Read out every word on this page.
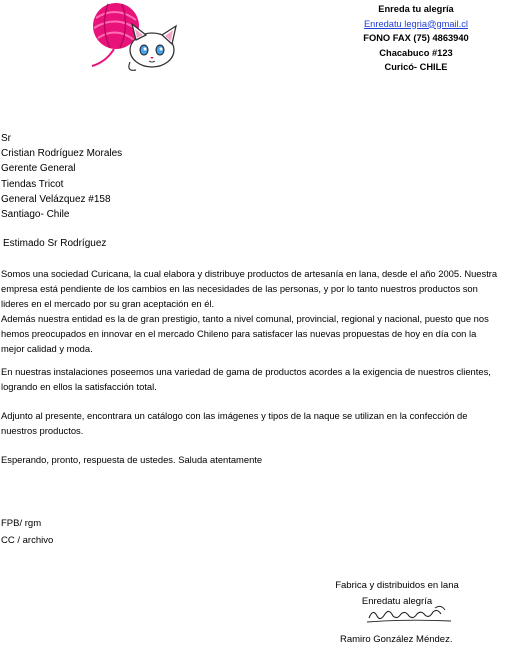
Enreda tu alegría
Enredatu legria@gmail.cl
FONO FAX (75) 4863940
Chacabuco #123
Curicó- CHILE
Sr
Cristian Rodríguez Morales
Gerente General
Tiendas Tricot
General Velázquez #158
Santiago- Chile
Estimado Sr Rodríguez

Somos una sociedad Curicana, la cual elabora y distribuye productos de artesanía en lana, desde el año 2005. Nuestra empresa está pendiente de los cambios en las necesidades de las personas, y por lo tanto nuestros productos son lideres en el mercado por su gran aceptación en él.

Además nuestra entidad es la de gran prestigio, tanto a nivel comunal, provincial, regional y nacional, puesto que nos hemos preocupados en innovar en el mercado Chileno para satisfacer las nuevas propuestas de hoy en día con la mejor calidad y moda.

En nuestras instalaciones poseemos una variedad de gama de productos acordes a la exigencia de nuestros clientes, logrando en ellos la satisfacción total.

Adjunto al presente, encontrara un catálogo con las imágenes y tipos de la naque se utilizan en la confección de nuestros productos.

Esperando, pronto, respuesta de ustedes. Saluda atentamente

FPB/ rgm
CC / archivo
Fabrica y distribuidos en lana
Enredatu alegría
Ramiro González Méndez.
